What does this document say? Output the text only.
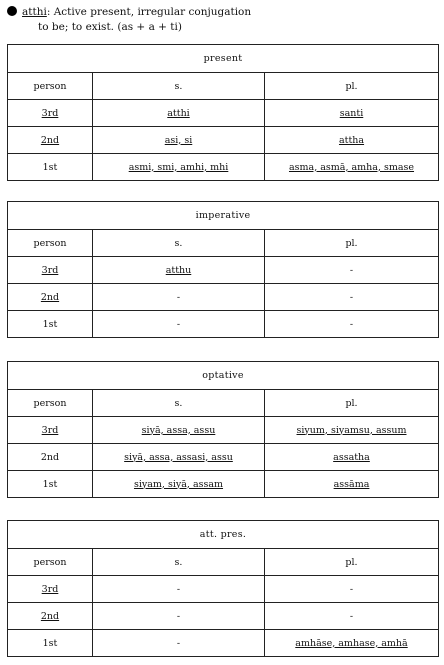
atthi: Active present, irregular conjugation
to be; to exist. (as + a + ti)
present		
person	s.	pl.
3rd	atthi	santi
2nd	asi, si	attha
1st	asmi, smi, amhi, mhi	asma, asmā, amha, smase
imperative		
person	s.	pl.
3rd	atthu	-
2nd	-	-
1st	-	-
optative		
person	s.	pl.
3rd	siyā, assa, assu	siyum, siyamsu, assum
2nd	siyā, assa, assasi, assu	assatha
1st	siyam, siyā, assam	assāma
att. pres.		
person	s.	pl.
3rd	-	-
2nd	-	-
1st	-	amhāse, amhase, amhā
